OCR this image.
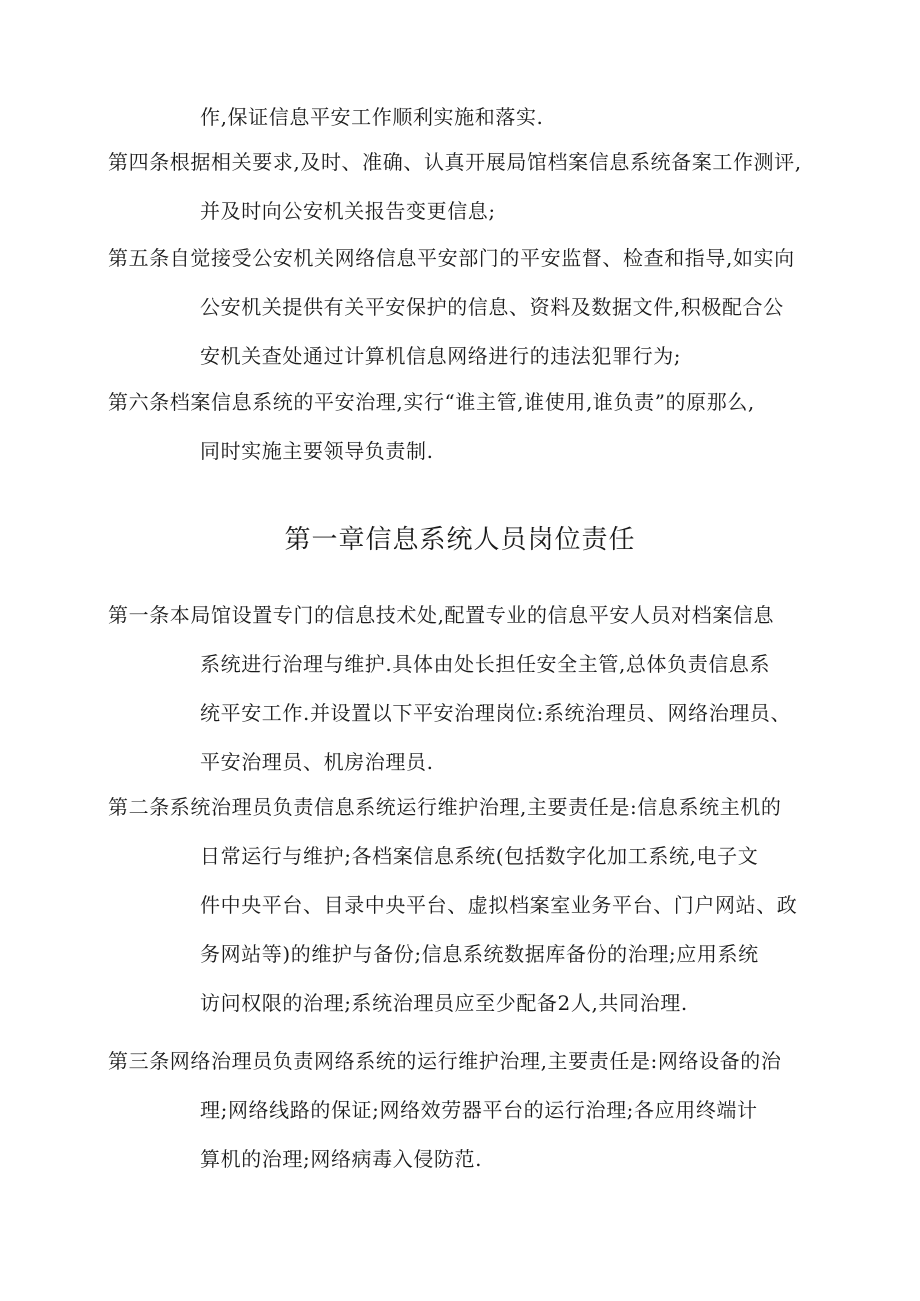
作,保证信息平安工作顺利实施和落实.
第四条根据相关要求,及时、准确、认真开展局馆档案信息系统备案工作测评,
并及时向公安机关报告变更信息;
第五条自觉接受公安机关网络信息平安部门的平安监督、检查和指导,如实向
公安机关提供有关平安保护的信息、资料及数据文件,积极配合公
安机关查处通过计算机信息网络进行的违法犯罪行为;
第六条档案信息系统的平安治理,实行“谁主管,谁使用,谁负责”的原那么,
同时实施主要领导负责制.
第一章信息系统人员岗位责任
第一条本局馆设置专门的信息技术处,配置专业的信息平安人员对档案信息
系统进行治理与维护.具体由处长担任安全主管,总体负责信息系
统平安工作.并设置以下平安治理岗位:系统治理员、网络治理员、
平安治理员、机房治理员.
第二条系统治理员负责信息系统运行维护治理,主要责任是:信息系统主机的
日常运行与维护;各档案信息系统(包括数字化加工系统,电子文
件中央平台、目录中央平台、虚拟档案室业务平台、门户网站、政
务网站等)的维护与备份;信息系统数据库备份的治理;应用系统
访问权限的治理;系统治理员应至少配备2人,共同治理.
第三条网络治理员负责网络系统的运行维护治理,主要责任是:网络设备的治
理;网络线路的保证;网络效劳器平台的运行治理;各应用终端计
算机的治理;网络病毒入侵防范.
